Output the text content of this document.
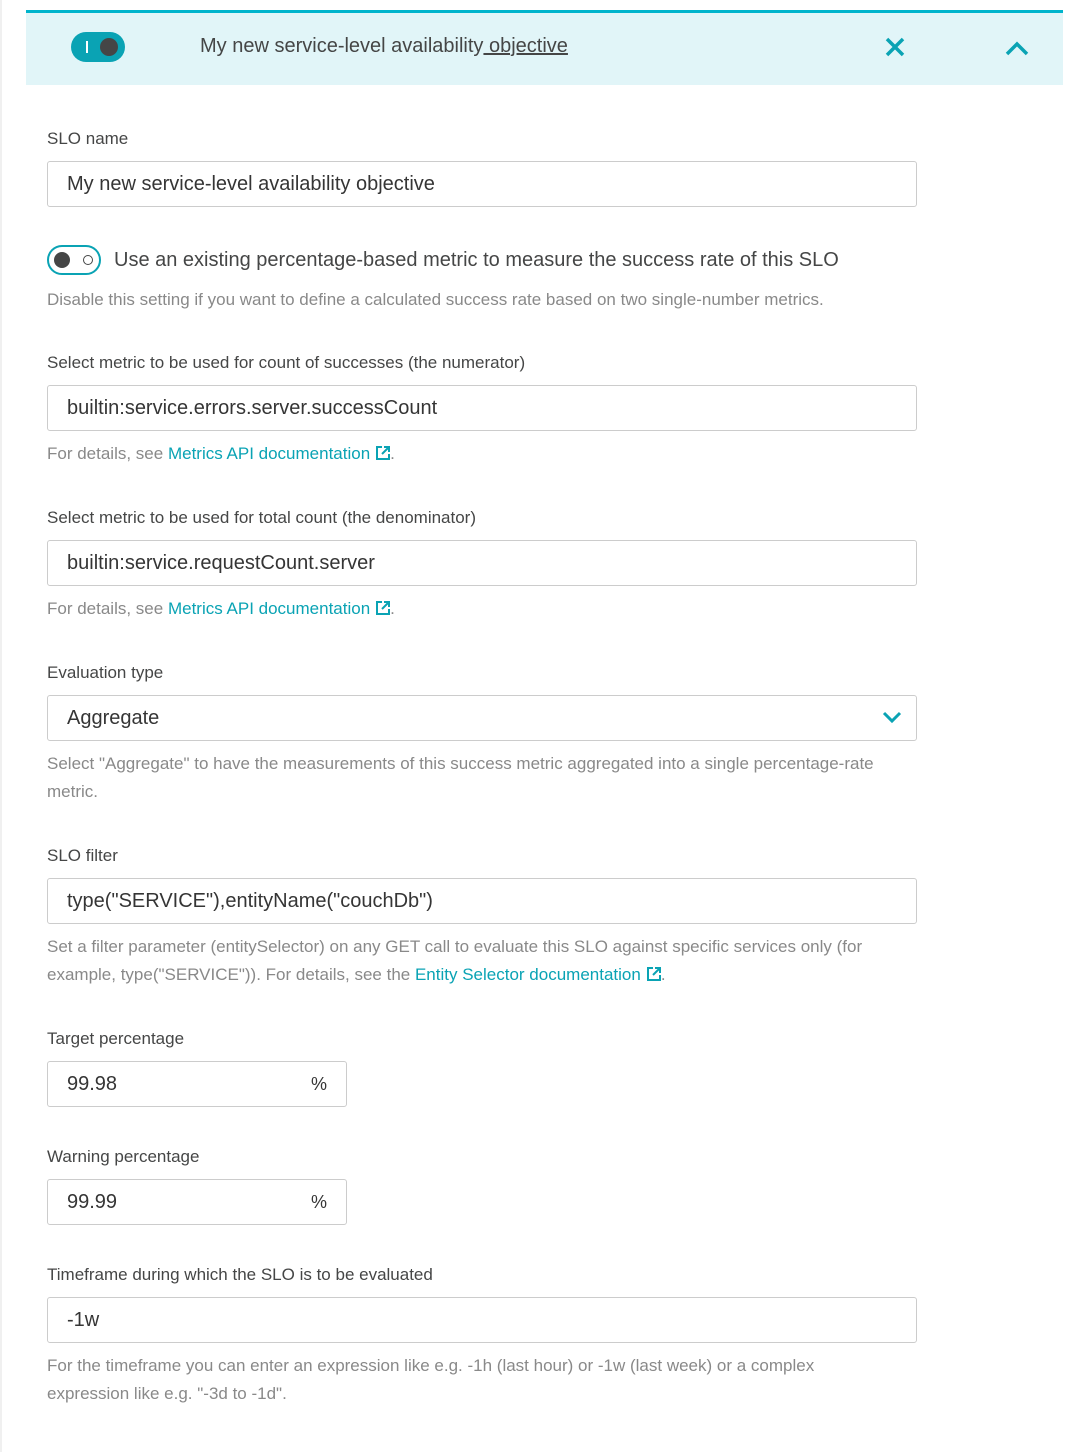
My new service-level availability objective
SLO name
My new service-level availability objective
Use an existing percentage-based metric to measure the success rate of this SLO
Disable this setting if you want to define a calculated success rate based on two single-number metrics.
Select metric to be used for count of successes (the numerator)
builtin:service.errors.server.successCount
For details, see Metrics API documentation .
Select metric to be used for total count (the denominator)
builtin:service.requestCount.server
For details, see Metrics API documentation .
Evaluation type
Aggregate
Select "Aggregate" to have the measurements of this success metric aggregated into a single percentage-rate metric.
SLO filter
type("SERVICE"),entityName("couchDb")
Set a filter parameter (entitySelector) on any GET call to evaluate this SLO against specific services only (for example, type("SERVICE")). For details, see the Entity Selector documentation .
Target percentage
99.98	%
Warning percentage
99.99	%
Timeframe during which the SLO is to be evaluated
-1w
For the timeframe you can enter an expression like e.g. -1h (last hour) or -1w (last week) or a complex expression like e.g. "-3d to -1d".
